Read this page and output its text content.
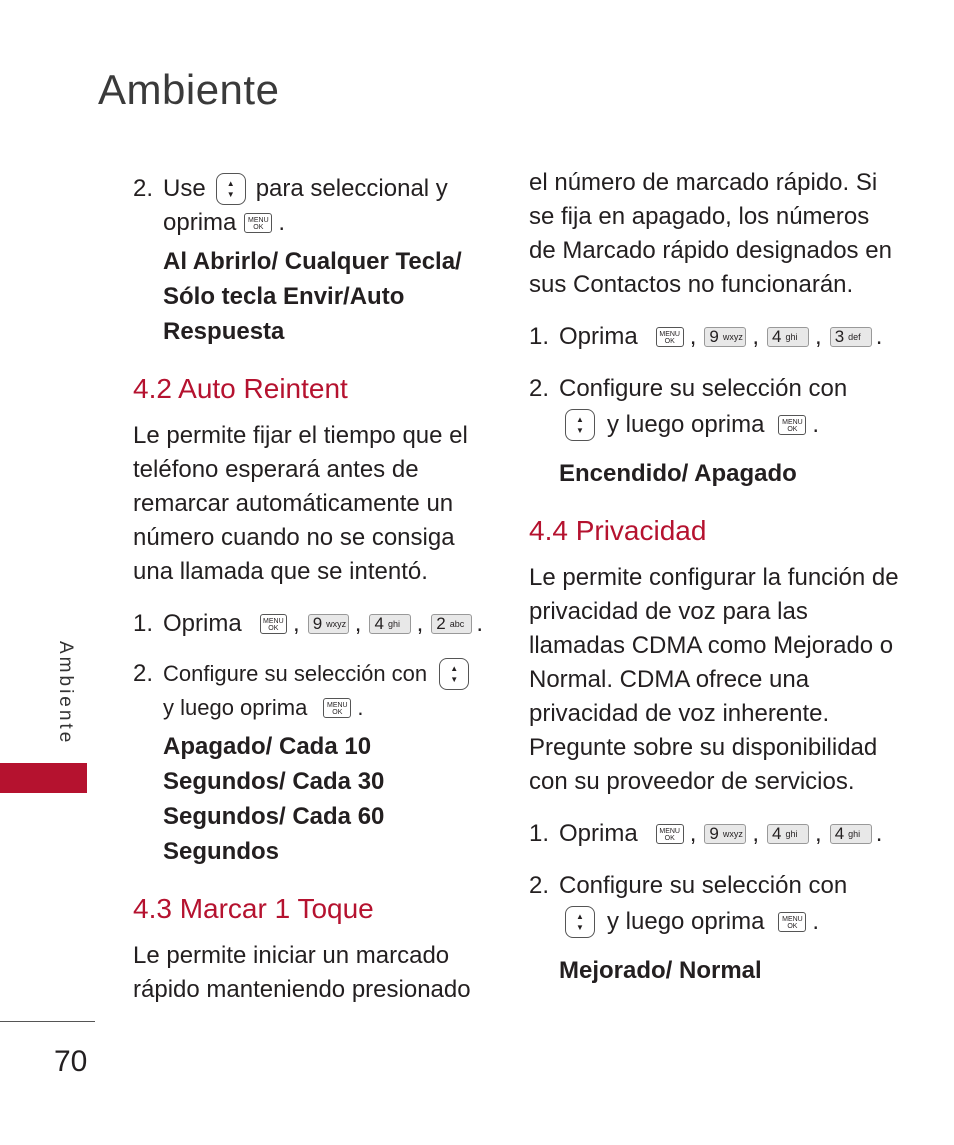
Ambiente
Ambiente
70
2. Use	▲
▼ para seleccional y
oprima MENU
OK .
Al Abrirlo/ Cualquer Tecla/
Sólo tecla Envir/Auto
Respuesta
4.2 Auto Reintent

Le permite fijar el tiempo que el teléfono esperará antes de remarcar automáticamente un número cuando no se consiga una llamada que se intentó.

1. Oprima	MENU
OK , 9 wxyz , 4 ghi , 2 abc .
2. Configure su selección con	▲
▼
y luego oprima	MENU
OK .
Apagado/ Cada 10
Segundos/ Cada 30
Segundos/ Cada 60
Segundos
4.3 Marcar 1 Toque

Le permite iniciar un marcado rápido manteniendo presionado

el número de marcado rápido. Si se fija en apagado, los números de Marcado rápido designados en sus Contactos no funcionarán.

1. Oprima	MENU
OK , 9 wxyz , 4 ghi , 3 def .
2. Configure su selección con
▲
▼ y luego oprima	MENU
OK .
Encendido/ Apagado
4.4 Privacidad

Le permite configurar la función de privacidad de voz para las llamadas CDMA como Mejorado o Normal. CDMA ofrece una privacidad de voz inherente. Pregunte sobre su disponibilidad con su proveedor de servicios.

1. Oprima	MENU
OK , 9 wxyz , 4 ghi , 4 ghi .
2. Configure su selección con
▲
▼ y luego oprima	MENU
OK .
Mejorado/ Normal
